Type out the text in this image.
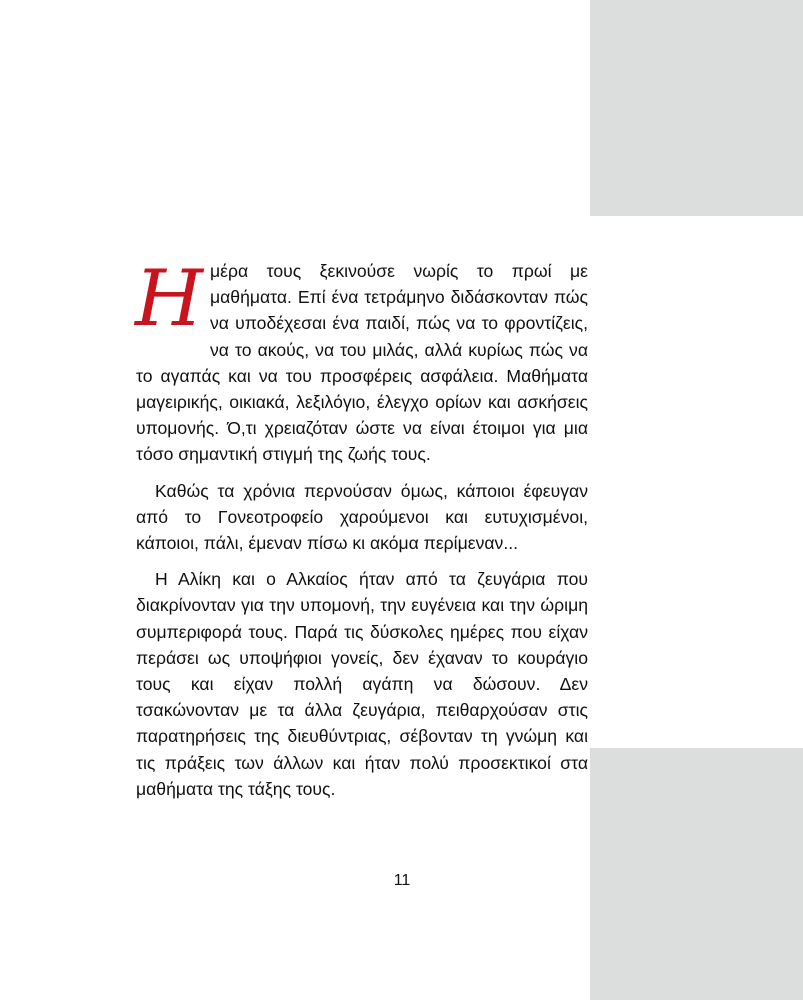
Ημέρα τους ξεκινούσε νωρίς το πρωί με μαθήματα. Επί ένα τετράμηνο διδάσκονταν πώς να υποδέχεσαι ένα παιδί, πώς να το φροντίζεις, να το ακούς, να του μιλάς, αλλά κυρίως πώς να το αγαπάς και να του προσφέρεις ασφάλεια. Μαθήματα μαγειρικής, οικιακά, λεξιλόγιο, έλεγχο ορίων και ασκήσεις υπομονής. Ό,τι χρειαζόταν ώστε να είναι έτοιμοι για μια τόσο σημαντική στιγμή της ζωής τους.

Καθώς τα χρόνια περνούσαν όμως, κάποιοι έφευγαν από το Γονεοτροφείο χαρούμενοι και ευτυχισμένοι, κάποιοι, πάλι, έμεναν πίσω κι ακόμα περίμεναν...

Η Αλίκη και ο Αλκαίος ήταν από τα ζευγάρια που διακρίνονταν για την υπομονή, την ευγένεια και την ώριμη συμπεριφορά τους. Παρά τις δύσκολες ημέρες που είχαν περάσει ως υποψήφιοι γονείς, δεν έχαναν το κουράγιο τους και είχαν πολλή αγάπη να δώσουν. Δεν τσακώνονταν με τα άλλα ζευγάρια, πειθαρχούσαν στις παρατηρήσεις της διευθύντριας, σέβονταν τη γνώμη και τις πράξεις των άλλων και ήταν πολύ προσεκτικοί στα μαθήματα της τάξης τους.

11
